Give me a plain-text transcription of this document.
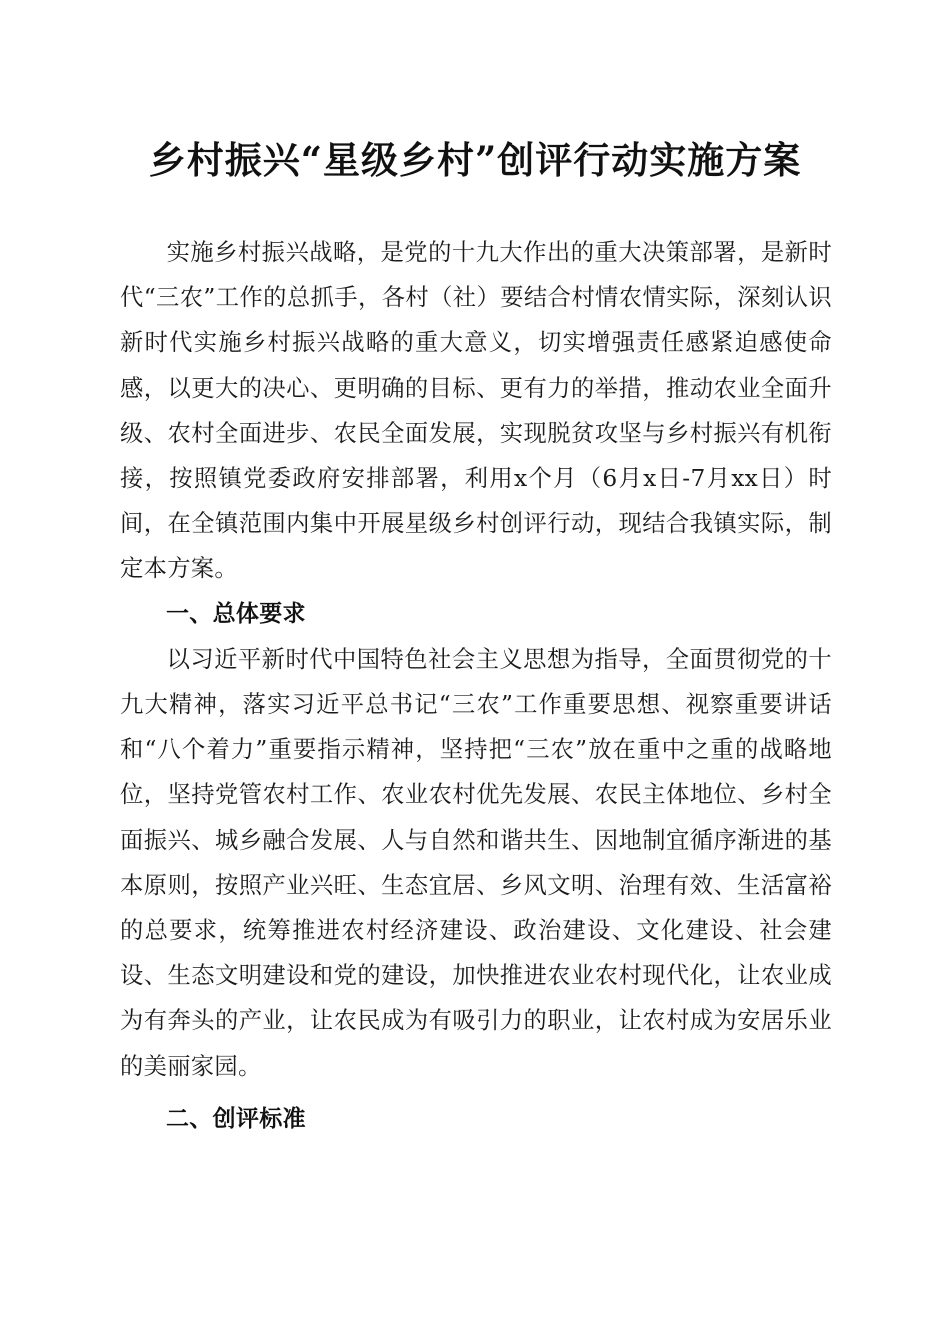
乡村振兴“星级乡村”创评行动实施方案

实施乡村振兴战略，是党的十九大作出的重大决策部署，是新时代“三农”工作的总抓手，各村（社）要结合村情农情实际，深刻认识新时代实施乡村振兴战略的重大意义，切实增强责任感紧迫感使命感，以更大的决心、更明确的目标、更有力的举措，推动农业全面升级、农村全面进步、农民全面发展，实现脱贫攻坚与乡村振兴有机衔接，按照镇党委政府安排部署，利用x个月（6月x日-7月xx日）时间，在全镇范围内集中开展星级乡村创评行动，现结合我镇实际，制定本方案。

一、总体要求

以习近平新时代中国特色社会主义思想为指导，全面贯彻党的十九大精神，落实习近平总书记“三农”工作重要思想、视察重要讲话和“八个着力”重要指示精神，坚持把“三农”放在重中之重的战略地位，坚持党管农村工作、农业农村优先发展、农民主体地位、乡村全面振兴、城乡融合发展、人与自然和谐共生、因地制宜循序渐进的基本原则，按照产业兴旺、生态宜居、乡风文明、治理有效、生活富裕的总要求，统筹推进农村经济建设、政治建设、文化建设、社会建设、生态文明建设和党的建设，加快推进农业农村现代化，让农业成为有奔头的产业，让农民成为有吸引力的职业，让农村成为安居乐业的美丽家园。

二、创评标准
